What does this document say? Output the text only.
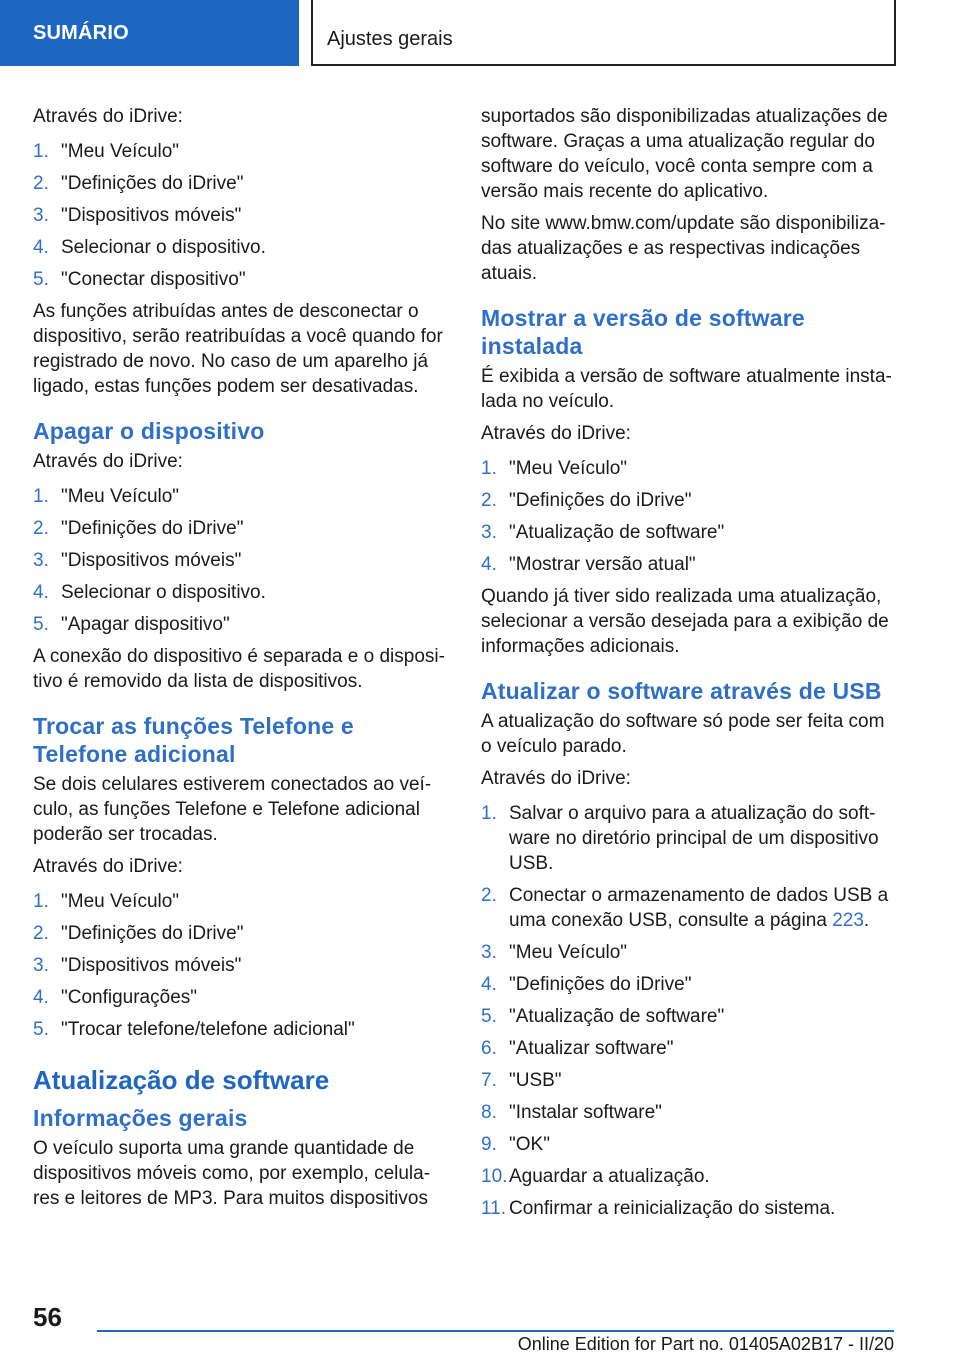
SUMÁRIO	Ajustes gerais
Através do iDrive:
1. "Meu Veículo"
2. "Definições do iDrive"
3. "Dispositivos móveis"
4. Selecionar o dispositivo.
5. "Conectar dispositivo"
As funções atribuídas antes de desconectar o dispositivo, serão reatribuídas a você quando for registrado de novo. No caso de um aparelho já ligado, estas funções podem ser desativadas.
Apagar o dispositivo
Através do iDrive:
1. "Meu Veículo"
2. "Definições do iDrive"
3. "Dispositivos móveis"
4. Selecionar o dispositivo.
5. "Apagar dispositivo"
A conexão do dispositivo é separada e o dispositivo é removido da lista de dispositivos.
Trocar as funções Telefone e Telefone adicional
Se dois celulares estiverem conectados ao veículo, as funções Telefone e Telefone adicional poderão ser trocadas.
Através do iDrive:
1. "Meu Veículo"
2. "Definições do iDrive"
3. "Dispositivos móveis"
4. "Configurações"
5. "Trocar telefone/telefone adicional"
Atualização de software
Informações gerais
O veículo suporta uma grande quantidade de dispositivos móveis como, por exemplo, celulares e leitores de MP3. Para muitos dispositivos
suportados são disponibilizadas atualizações de software. Graças a uma atualização regular do software do veículo, você conta sempre com a versão mais recente do aplicativo.
No site www.bmw.com/update são disponibilizadas atualizações e as respectivas indicações atuais.
Mostrar a versão de software instalada
É exibida a versão de software atualmente instalada no veículo.
Através do iDrive:
1. "Meu Veículo"
2. "Definições do iDrive"
3. "Atualização de software"
4. "Mostrar versão atual"
Quando já tiver sido realizada uma atualização, selecionar a versão desejada para a exibição de informações adicionais.
Atualizar o software através de USB
A atualização do software só pode ser feita com o veículo parado.
Através do iDrive:
1. Salvar o arquivo para a atualização do software no diretório principal de um dispositivo USB.
2. Conectar o armazenamento de dados USB a uma conexão USB, consulte a página 223.
3. "Meu Veículo"
4. "Definições do iDrive"
5. "Atualização de software"
6. "Atualizar software"
7. "USB"
8. "Instalar software"
9. "OK"
10. Aguardar a atualização.
11. Confirmar a reinicialização do sistema.
56
Online Edition for Part no. 01405A02B17 - II/20
